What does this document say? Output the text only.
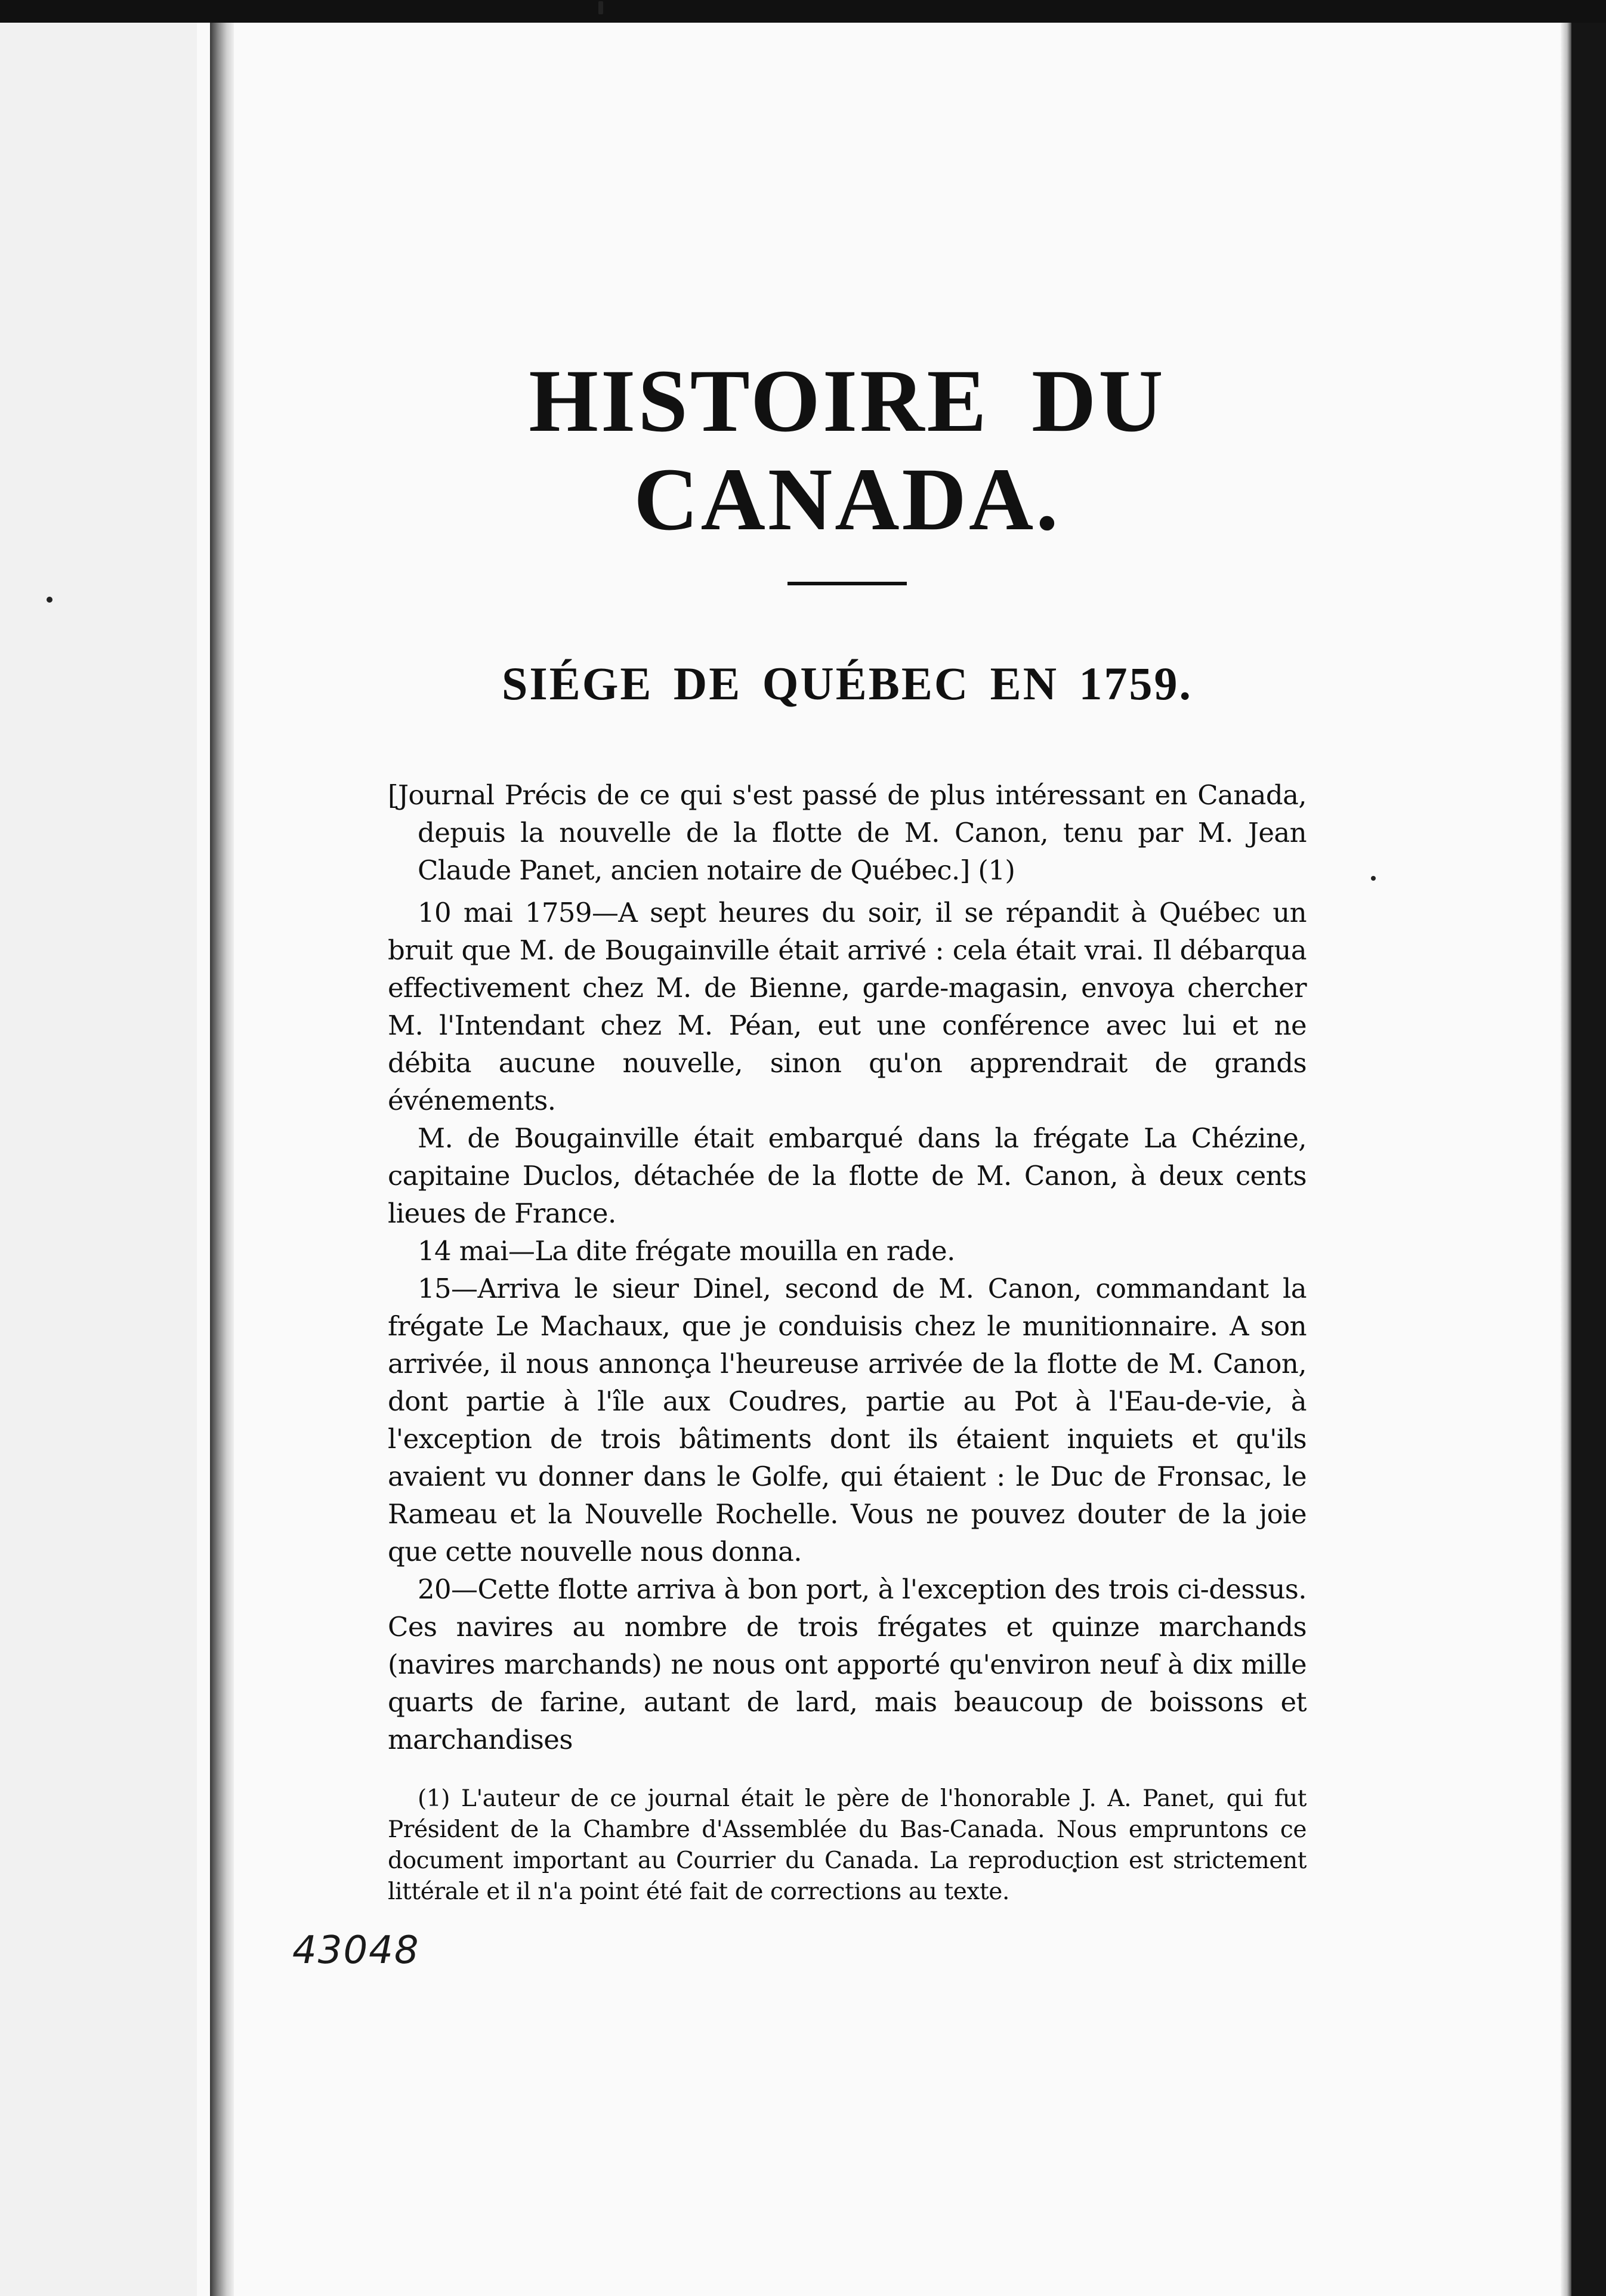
HISTOIRE DU CANADA.
SIÉGE DE QUÉBEC EN 1759.

[Journal Précis de ce qui s'est passé de plus intéressant en Canada, depuis la nouvelle de la flotte de M. Canon, tenu par M. Jean Claude Panet, ancien notaire de Québec.] (1)

10 mai 1759—A sept heures du soir, il se répandit à Québec un bruit que M. de Bougainville était arrivé : cela était vrai. Il débarqua effectivement chez M. de Bienne, garde-magasin, envoya chercher M. l'Intendant chez M. Péan, eut une conférence avec lui et ne débita aucune nouvelle, sinon qu'on apprendrait de grands événements.

M. de Bougainville était embarqué dans la frégate La Chézine, capitaine Duclos, détachée de la flotte de M. Canon, à deux cents lieues de France.

14 mai—La dite frégate mouilla en rade.

15—Arriva le sieur Dinel, second de M. Canon, commandant la frégate Le Machaux, que je conduisis chez le munitionnaire. A son arrivée, il nous annonça l'heureuse arrivée de la flotte de M. Canon, dont partie à l'île aux Coudres, partie au Pot à l'Eau-de-vie, à l'exception de trois bâtiments dont ils étaient inquiets et qu'ils avaient vu donner dans le Golfe, qui étaient : le Duc de Fronsac, le Rameau et la Nouvelle Rochelle. Vous ne pouvez douter de la joie que cette nouvelle nous donna.

20—Cette flotte arriva à bon port, à l'exception des trois ci-dessus. Ces navires au nombre de trois frégates et quinze marchands (navires marchands) ne nous ont apporté qu'environ neuf à dix mille quarts de farine, autant de lard, mais beaucoup de boissons et marchandises

(1) L'auteur de ce journal était le père de l'honorable J. A. Panet, qui fut Président de la Chambre d'Assemblée du Bas-Canada. Nous empruntons ce document important au Courrier du Canada. La reproduction est strictement littérale et il n'a point été fait de corrections au texte.

43048
